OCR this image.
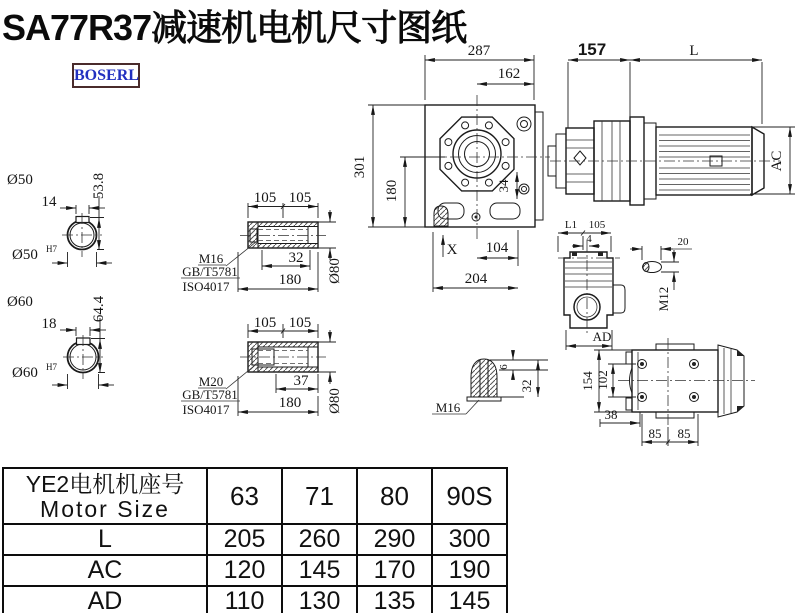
SA77R37减速机电机尺寸图纸
BOSERL
287
162
157	L
AC
301
180	34
X 104
204
Ø50
14
53.8
Ø50 H7
Ø60
18
64.4
Ø60 H7
105 105
32
180 Ø80
M16
GB/T5781
ISO4017
105 105
37
180 Ø80
M20
GB/T5781
ISO4017
L1 105
4
AD
20
M12
M16
6
32	154 102
38
85 85
YE2电机机座号
Motor Size	63	71	80	90S
L	205	260	290	300
AC	120	145	170	190
AD	110	130	135	145
